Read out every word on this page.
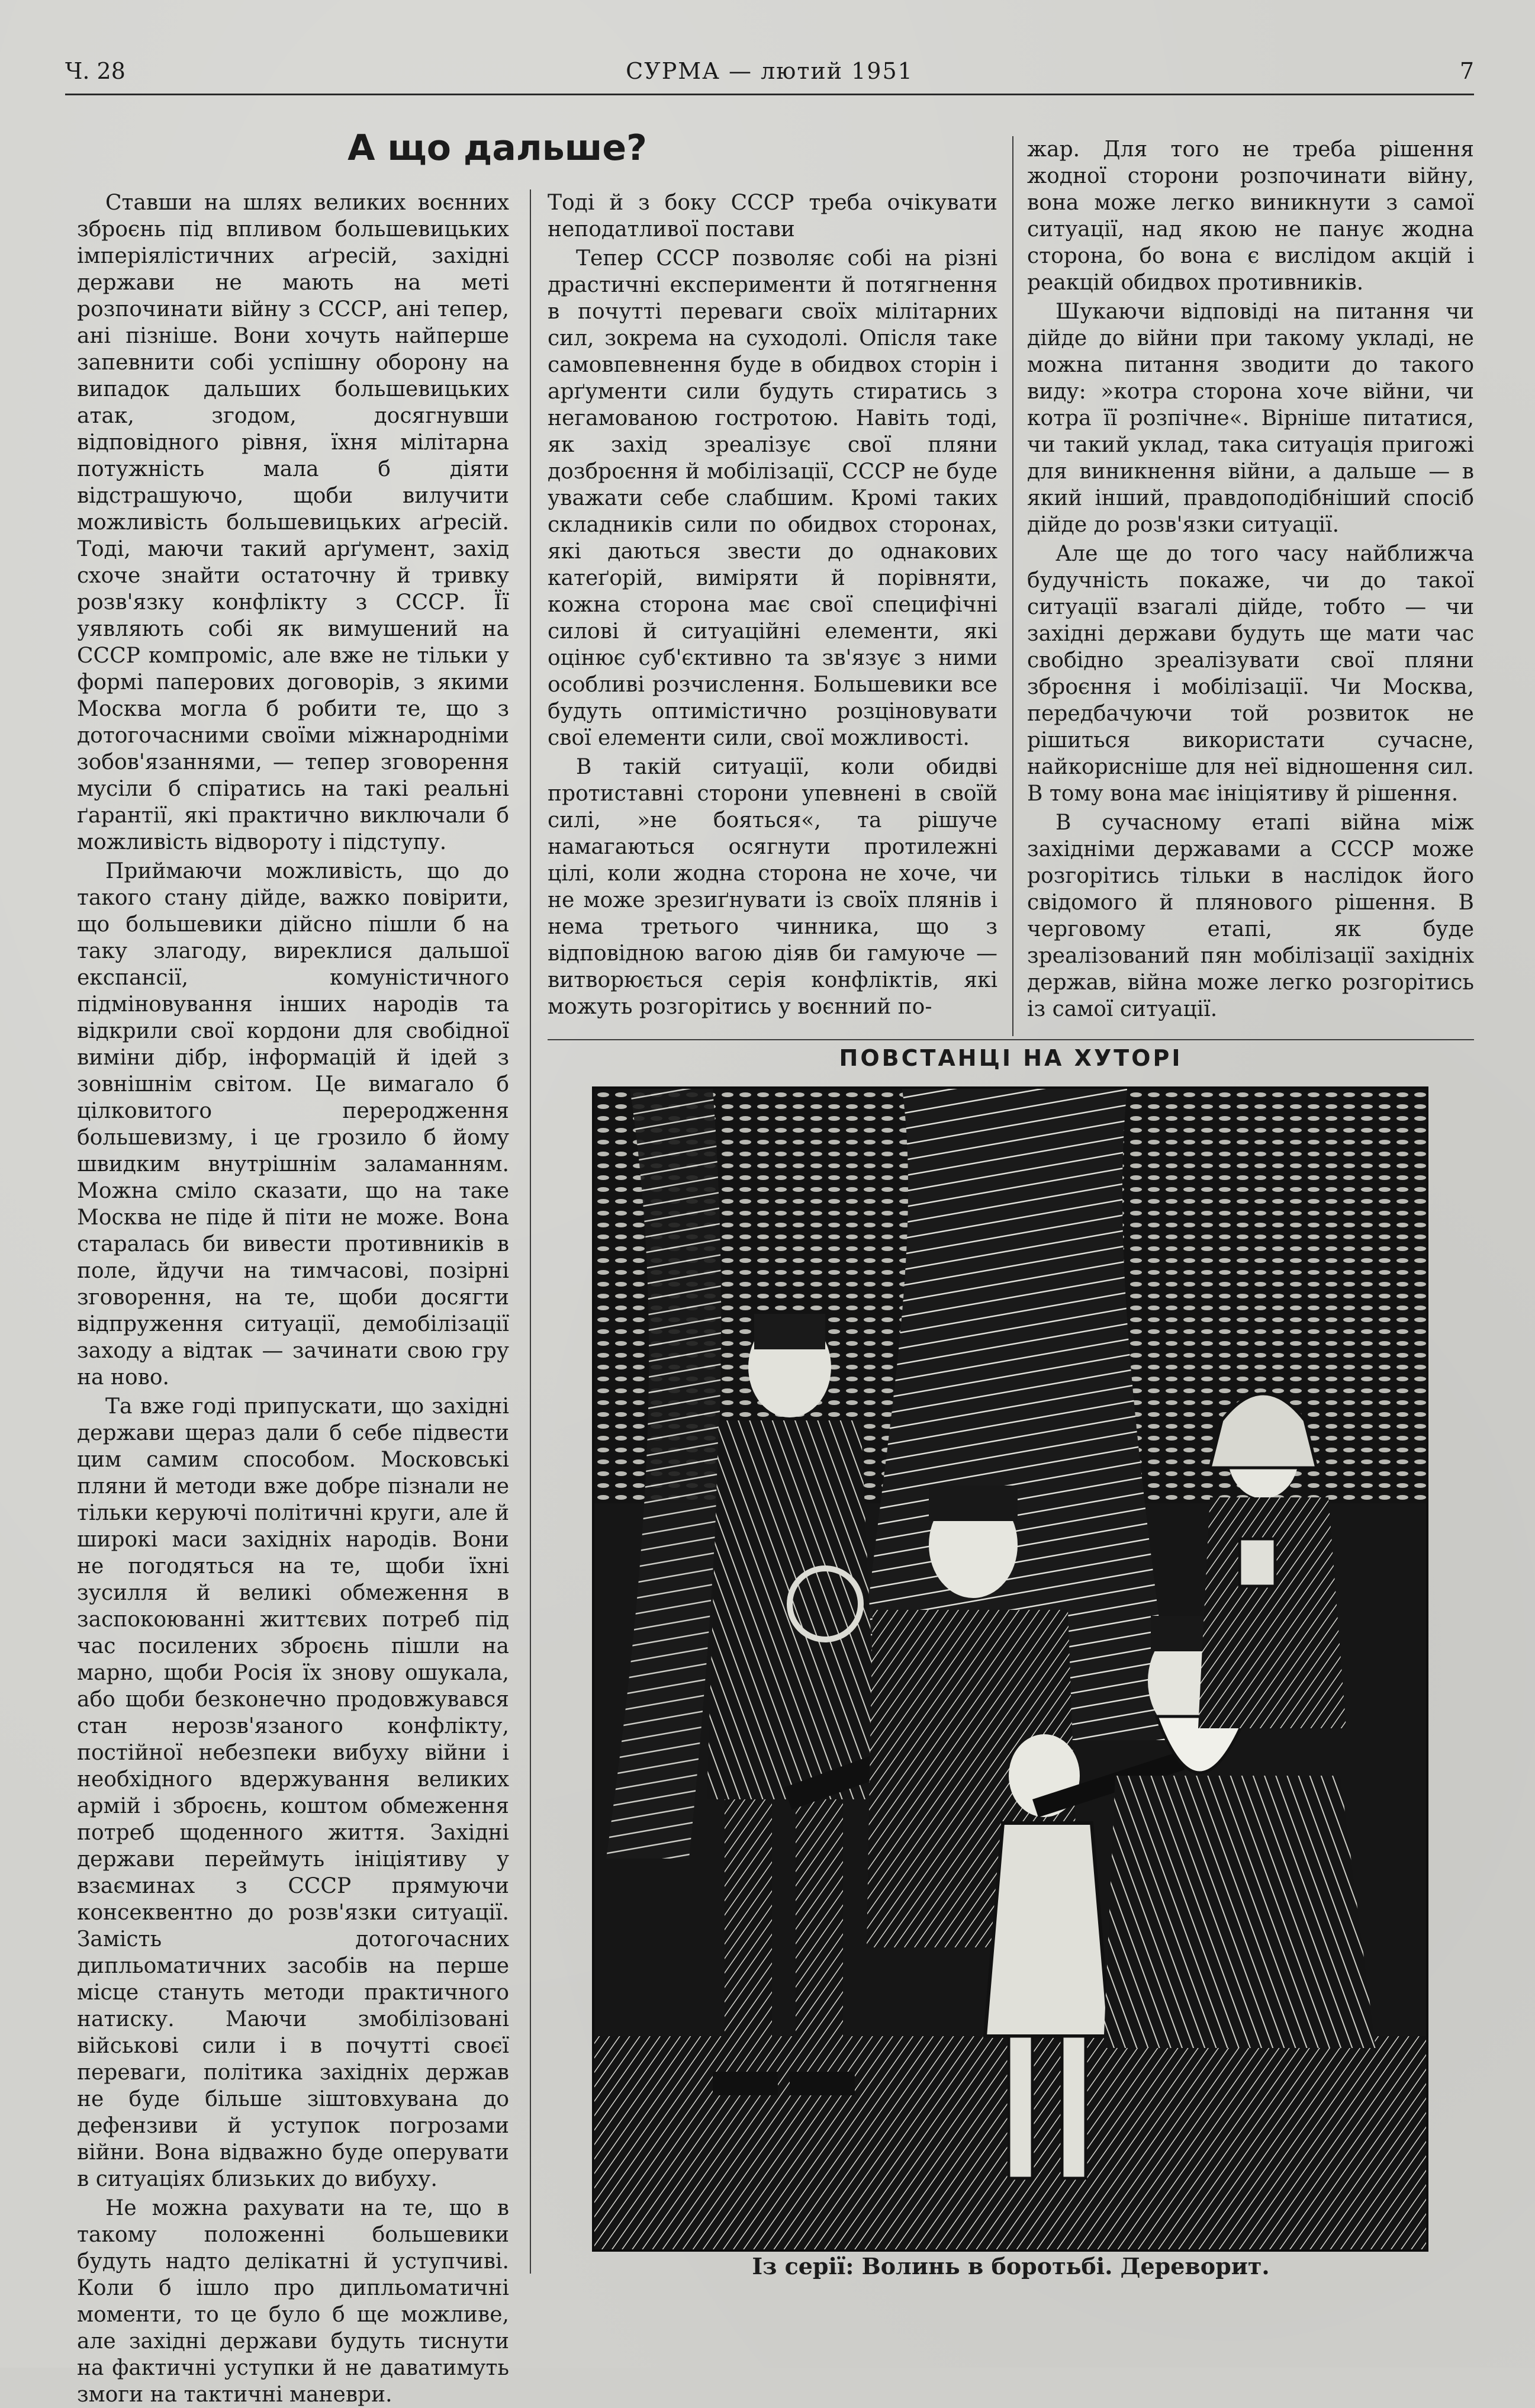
Ч. 28	СУРМА — лютий 1951	7
А що дальше?

Ставши на шлях великих воєнних зброєнь під впливом большевицьких імперіялістичних аґресій, західні держави не мають на меті розпочинати війну з СССР, ані тепер, ані пізніше. Вони хочуть найперше запевнити собі успішну оборону на випадок дальших большевицьких атак, згодом, досягнувши відповідного рівня, їхня мілітарна потужність мала б діяти відстрашуючо, щоби вилучити можливість большевицьких аґресій. Тоді, маючи такий арґумент, захід схоче знайти остаточну й тривку розв'язку конфлікту з СССР. Її уявляють собі як вимушений на СССР компроміс, але вже не тільки у формі паперових договорів, з якими Москва могла б робити те, що з дотогочасними своїми міжнародніми зобов'язаннями, — тепер зговорення мусіли б спіратись на такі реальні ґарантії, які практично виключали б можливість відвороту і підступу.

Приймаючи можливість, що до такого стану дійде, важко повірити, що большевики дійсно пішли б на таку злагоду, виреклися дальшої експансії, комуністичного підміновування інших народів та відкрили свої кордони для свобідної виміни дібр, інформацій й ідей з зовнішнім світом. Це вимагало б цілковитого переродження большевизму, і це грозило б йому швидким внутрішнім заламанням. Можна сміло сказати, що на таке Москва не піде й піти не може. Вона старалась би вивести противників в поле, йдучи на тимчасові, позірні зговорення, на те, щоби досягти відпруження ситуації, демобілізації заходу а відтак — зачинати свою гру на ново.

Та вже годі припускати, що західні держави щераз дали б себе підвести цим самим способом. Московські пляни й методи вже добре пізнали не тільки керуючі політичні круги, але й широкі маси західніх народів. Вони не погодяться на те, щоби їхні зусилля й великі обмеження в заспокоюванні життєвих потреб під час посилених зброєнь пішли на марно, щоби Росія їх знову ошукала, або щоби безконечно продовжувався стан нерозв'язаного конфлікту, постійної небезпеки вибуху війни і необхідного вдержування великих армій і зброєнь, коштом обмеження потреб щоденного життя. Західні держави переймуть ініціятиву у взаєминах з СССР прямуючи консеквентно до розв'язки ситуації. Замість дотогочасних дипльоматичних засобів на перше місце стануть методи практичного натиску. Маючи змобілізовані військові сили і в почутті своєї переваги, політика західніх держав не буде більше зіштовхувана до дефензиви й уступок погрозами війни. Вона відважно буде оперувати в ситуаціях близьких до вибуху.

Не можна рахувати на те, що в такому положенні большевики будуть надто делікатні й уступчиві. Коли б ішло про дипльоматичні моменти, то це було б ще можливе, але західні держави будуть тиснути на фактичні уступки й не даватимуть змоги на тактичні маневри.

Тоді й з боку СССР треба очікувати неподатливої постави

Тепер СССР позволяє собі на різні драстичні експерименти й потягнення в почутті переваги своїх мілітарних сил, зокрема на суходолі. Опісля таке самовпевнення буде в обидвох сторін і арґументи сили будуть стиратись з негамованою гостротою. Навіть тоді, як захід зреалізує свої пляни дозброєння й мобілізації, СССР не буде уважати себе слабшим. Кромі таких складників сили по обидвох сторонах, які даються звести до однакових катеґорій, виміряти й порівняти, кожна сторона має свої специфічні силові й ситуаційні елементи, які оцінює суб'єктивно та зв'язує з ними особливі розчислення. Большевики все будуть оптимістично розціновувати свої елементи сили, свої можливості.

В такій ситуації, коли обидві протиставні сторони упевнені в своїй силі, »не бояться«, та рішуче намагаються осягнути протилежні цілі, коли жодна сторона не хоче, чи не може зрезиґнувати із своїх плянів і нема третього чинника, що з відповідною вагою діяв би гамуюче — витворюється серія конфліктів, які можуть розгорітись у воєнний по-

жар. Для того не треба рішення жодної сторони розпочинати війну, вона може легко виникнути з самої ситуації, над якою не панує жодна сторона, бо вона є вислідом акцій і реакцій обидвох противників.

Шукаючи відповіді на питання чи дійде до війни при такому укладі, не можна питання зводити до такого виду: »котра сторона хоче війни, чи котра її розпічне«. Вірніше питатися, чи такий уклад, така ситуація пригожі для виникнення війни, а дальше — в який інший, правдоподібніший спосіб дійде до розв'язки ситуації.

Але ще до того часу найближча будучність покаже, чи до такої ситуації взагалі дійде, тобто — чи західні держави будуть ще мати час свобідно зреалізувати свої пляни зброєння і мобілізації. Чи Москва, передбачуючи той розвиток не рішиться використати сучасне, найкорисніше для неї відношення сил. В тому вона має ініціятиву й рішення.

В сучасному етапі війна між західніми державами а СССР може розгорітись тільки в наслідок його свідомого й плянового рішення. В черговому етапі, як буде зреалізований пян мобілізації західніх держав, війна може легко розгорітись із самої ситуації.

ПОВСТАНЦІ НА ХУТОРІ
Із серії: Волинь в боротьбі. Дереворит.
